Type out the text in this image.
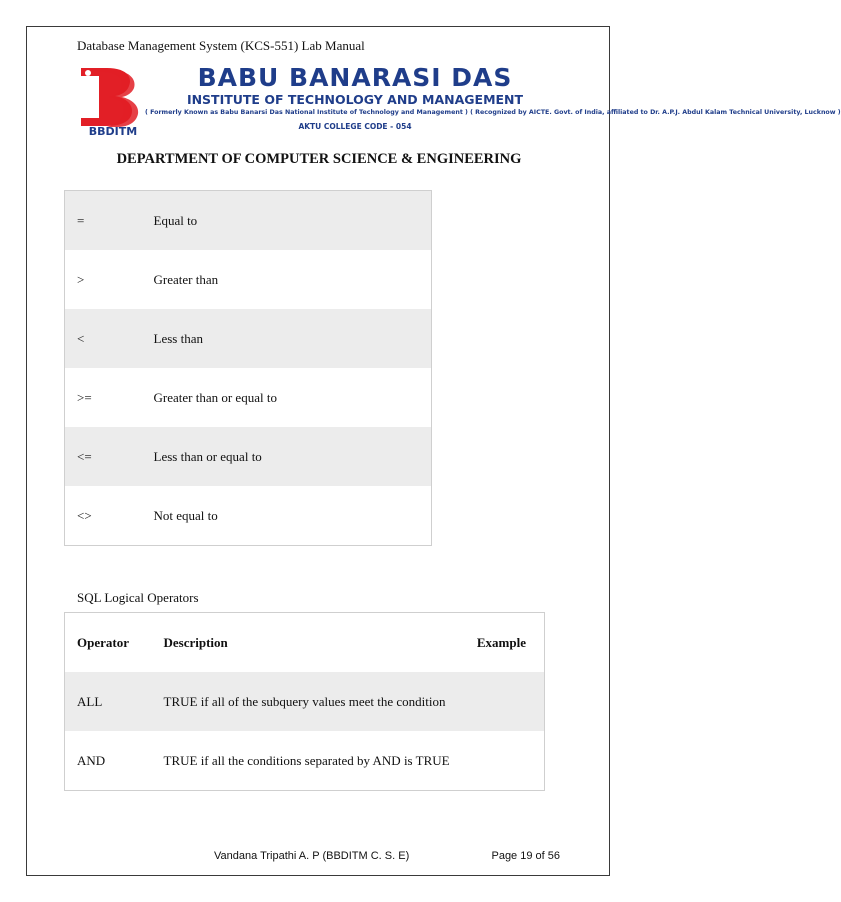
Database Management System (KCS-551) Lab Manual
BBDITM
BABU BANARASI DAS
INSTITUTE OF TECHNOLOGY AND MANAGEMENT
( Formerly Known as Babu Banarsi Das National Institute of Technology and Management ) ( Recognized by AICTE. Govt. of India, affiliated to Dr. A.P.J. Abdul Kalam Technical University, Lucknow )
AKTU COLLEGE CODE - 054
DEPARTMENT OF COMPUTER SCIENCE & ENGINEERING
=	Equal to
>	Greater than
<	Less than
>=	Greater than or equal to
<=	Less than or equal to
<>	Not equal to
SQL Logical Operators
Operator	Description	Example
ALL	TRUE if all of the subquery values meet the condition	
AND	TRUE if all the conditions separated by AND is TRUE	
Vandana Tripathi A. P (BBDITM C. S. E)	Page 19 of 56
